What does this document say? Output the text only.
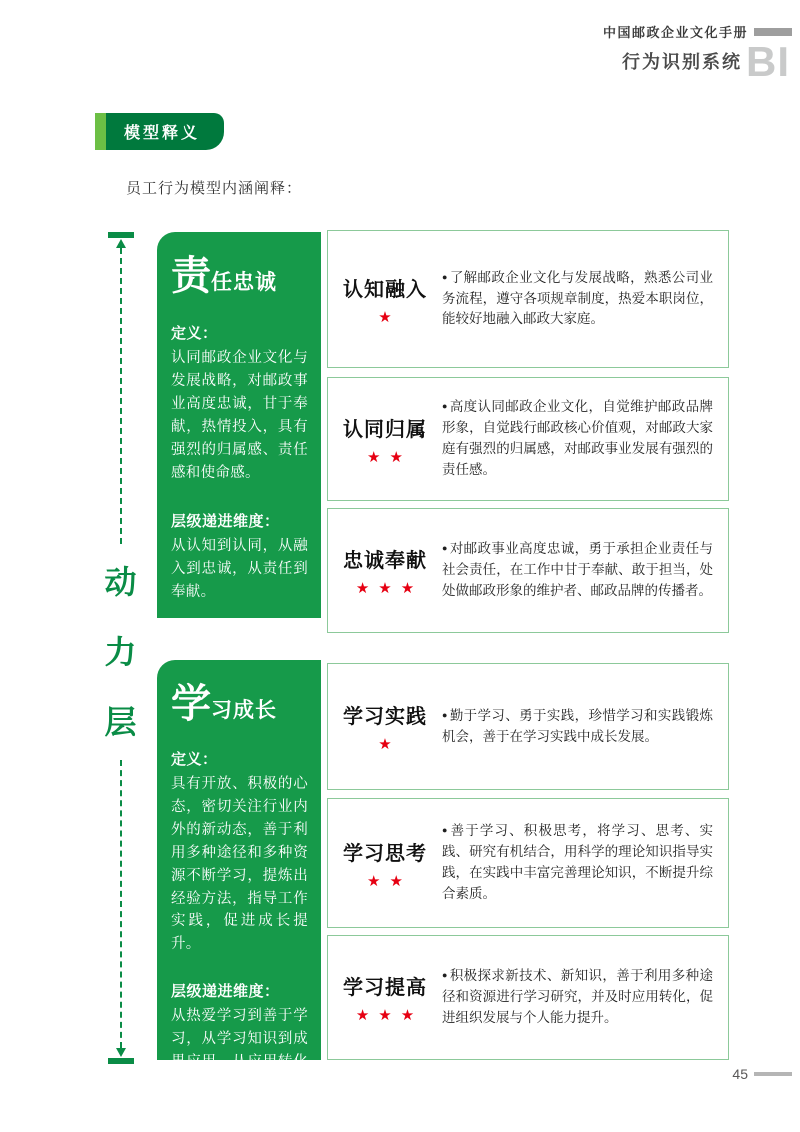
中国邮政企业文化手册
行为识别系统 BI
模型释义
员工行为模型内涵阐释：
动
力
层
责 任忠诚
定义：
认同邮政企业文化与发展战略，对邮政事业高度忠诚，甘于奉献，热情投入，具有强烈的归属感、责任感和使命感。
层级递进维度：
从认知到认同，从融入到忠诚，从责任到奉献。
学 习成长
定义：
具有开放、积极的心态，密切关注行业内外的新动态，善于利用多种途径和多种资源不断学习，提炼出经验方法，指导工作实践，促进成长提升。
层级递进维度：
从热爱学习到善于学习，从学习知识到成果应用，从应用转化到能力提升。
认知融入
★
● 了解邮政企业文化与发展战略，熟悉公司业务流程，遵守各项规章制度，热爱本职岗位，能较好地融入邮政大家庭。
认同归属
★★
● 高度认同邮政企业文化，自觉维护邮政品牌形象，自觉践行邮政核心价值观，对邮政大家庭有强烈的归属感，对邮政事业发展有强烈的责任感。
忠诚奉献
★★★
● 对邮政事业高度忠诚，勇于承担企业责任与社会责任，在工作中甘于奉献、敢于担当，处处做邮政形象的维护者、邮政品牌的传播者。
学习实践
★
● 勤于学习、勇于实践，珍惜学习和实践锻炼机会，善于在学习实践中成长发展。
学习思考
★★
● 善于学习、积极思考，将学习、思考、实践、研究有机结合，用科学的理论知识指导实践，在实践中丰富完善理论知识，不断提升综合素质。
学习提高
★★★
● 积极探求新技术、新知识，善于利用多种途径和资源进行学习研究，并及时应用转化，促进组织发展与个人能力提升。
45
